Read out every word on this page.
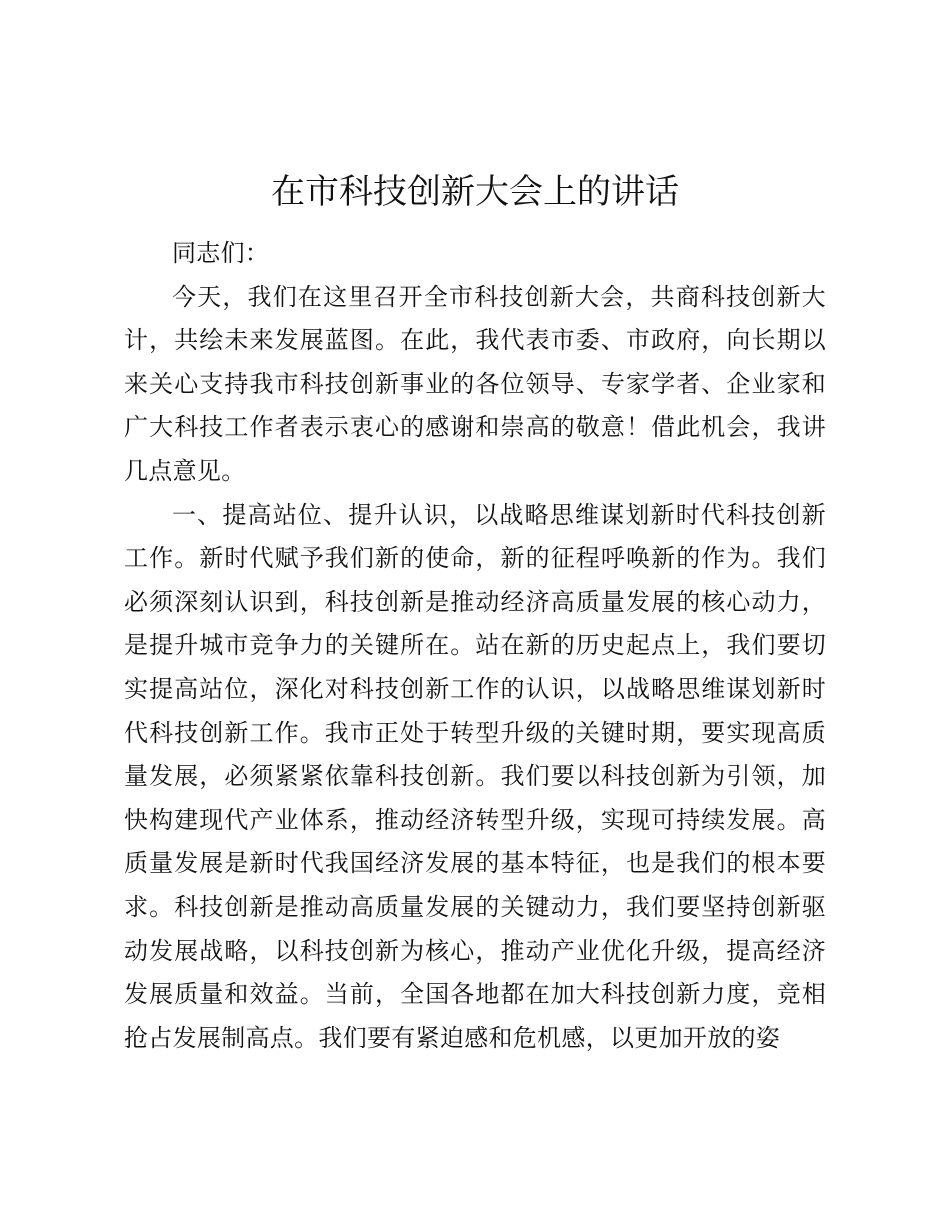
在市科技创新大会上的讲话

同志们：

今天，我们在这里召开全市科技创新大会，共商科技创新大计，共绘未来发展蓝图。在此，我代表市委、市政府，向长期以来关心支持我市科技创新事业的各位领导、专家学者、企业家和广大科技工作者表示衷心的感谢和崇高的敬意！借此机会，我讲几点意见。

一、提高站位、提升认识，以战略思维谋划新时代科技创新工作。新时代赋予我们新的使命，新的征程呼唤新的作为。我们必须深刻认识到，科技创新是推动经济高质量发展的核心动力，是提升城市竞争力的关键所在。站在新的历史起点上，我们要切实提高站位，深化对科技创新工作的认识，以战略思维谋划新时代科技创新工作。我市正处于转型升级的关键时期，要实现高质量发展，必须紧紧依靠科技创新。我们要以科技创新为引领，加快构建现代产业体系，推动经济转型升级，实现可持续发展。高质量发展是新时代我国经济发展的基本特征，也是我们的根本要求。科技创新是推动高质量发展的关键动力，我们要坚持创新驱动发展战略，以科技创新为核心，推动产业优化升级，提高经济发展质量和效益。当前，全国各地都在加大科技创新力度，竞相抢占发展制高点。我们要有紧迫感和危机感，以更加开放的姿
